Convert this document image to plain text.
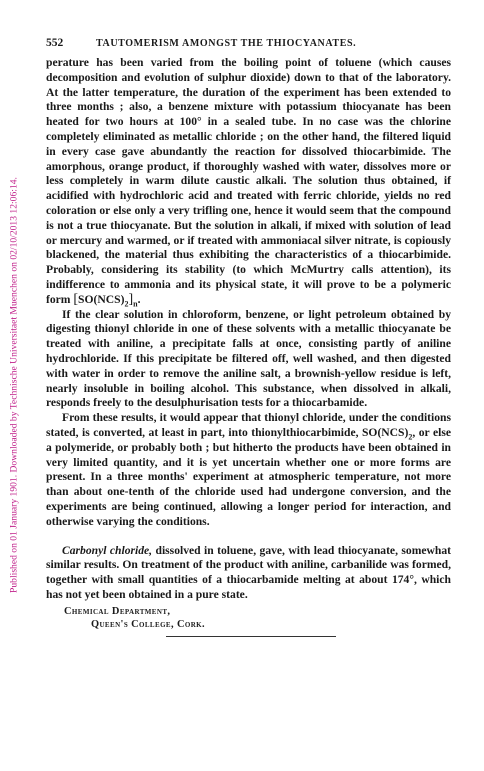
Published on 01 January 1901. Downloaded by Technische Universitaet Muenchen on 02/10/2013 12:06:14.
552	TAUTOMERISM AMONGST THE THIOCYANATES.

perature has been varied from the boiling point of toluene (which causes decomposition and evolution of sulphur dioxide) down to that of the laboratory. At the latter temperature, the duration of the experiment has been extended to three months ; also, a benzene mixture with potassium thiocyanate has been heated for two hours at 100° in a sealed tube. In no case was the chlorine completely eliminated as metallic chloride ; on the other hand, the filtered liquid in every case gave abundantly the reaction for dissolved thiocarbimide. The amorphous, orange product, if thoroughly washed with water, dissolves more or less completely in warm dilute caustic alkali. The solution thus obtained, if acidified with hydrochloric acid and treated with ferric chloride, yields no red coloration or else only a very trifling one, hence it would seem that the compound is not a true thiocyanate. But the solution in alkali, if mixed with solution of lead or mercury and warmed, or if treated with ammoniacal silver nitrate, is copiously blackened, the material thus exhibiting the characteristics of a thiocarbimide. Probably, considering its stability (to which McMurtry calls attention), its indifference to ammonia and its physical state, it will prove to be a polymeric form $[SO(NCS)_2]_n$.

If the clear solution in chloroform, benzene, or light petroleum obtained by digesting thionyl chloride in one of these solvents with a metallic thiocyanate be treated with aniline, a precipitate falls at once, consisting partly of aniline hydrochloride. If this precipitate be filtered off, well washed, and then digested with water in order to remove the aniline salt, a brownish-yellow residue is left, nearly insoluble in boiling alcohol. This substance, when dissolved in alkali, responds freely to the desulphurisation tests for a thiocarbamide.

From these results, it would appear that thionyl chloride, under the conditions stated, is converted, at least in part, into thionylthiocarbimide, $SO(NCS)_2$, or else a polymeride, or probably both ; but hitherto the products have been obtained in very limited quantity, and it is yet uncertain whether one or more forms are present. In a three months' experiment at atmospheric temperature, not more than about one-tenth of the chloride used had undergone conversion, and the experiments are being continued, allowing a longer period for interaction, and otherwise varying the conditions.

Carbonyl chloride, dissolved in toluene, gave, with lead thiocyanate, somewhat similar results. On treatment of the product with aniline, carbanilide was formed, together with small quantities of a thiocarbamide melting at about 174°, which has not yet been obtained in a pure state.

Chemical Department,
Queen's College, Cork.
